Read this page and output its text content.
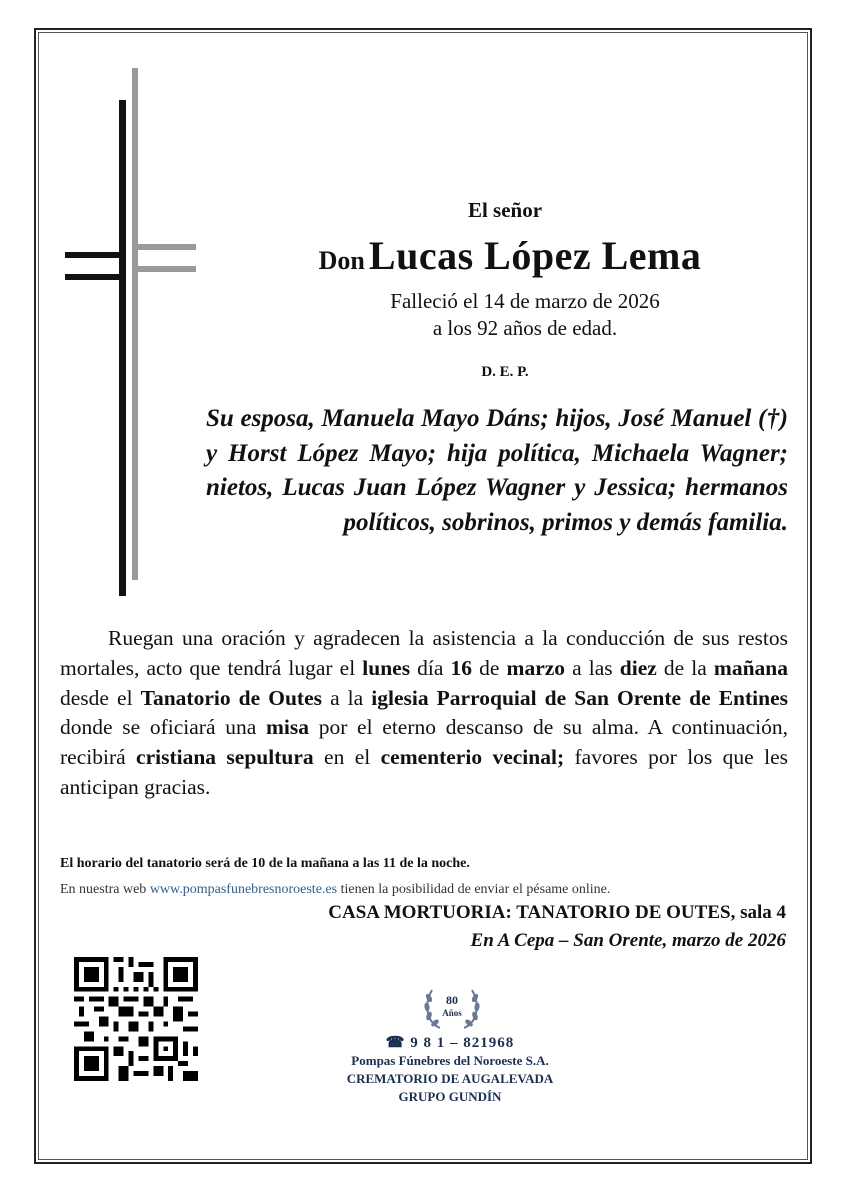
El señor
Don Lucas López Lema
Falleció el 14 de marzo de 2026
a los 92 años de edad.
D. E. P.
Su esposa, Manuela Mayo Dáns; hijos, José Manuel (†) y Horst López Mayo; hija política, Michaela Wagner; nietos, Lucas Juan López Wagner y Jessica; hermanos políticos, sobrinos, primos y demás familia.

Ruegan una oración y agradecen la asistencia a la conducción de sus restos mortales, acto que tendrá lugar el lunes día 16 de marzo a las diez de la mañana desde el Tanatorio de Outes a la iglesia Parroquial de San Orente de Entines donde se oficiará una misa por el eterno descanso de su alma. A continuación, recibirá cristiana sepultura en el cementerio vecinal; favores por los que les anticipan gracias.

El horario del tanatorio será de 10 de la mañana a las 11 de la noche.
En nuestra web www.pompasfunebresnoroeste.es tienen la posibilidad de enviar el pésame online.
CASA MORTUORIA: TANATORIO DE OUTES, sala 4
En A Cepa – San Orente, marzo de 2026
80
Años
☎ 9 8 1 – 821968
Pompas Fúnebres del Noroeste S.A.
CREMATORIO DE AUGALEVADA
GRUPO GUNDÍN
